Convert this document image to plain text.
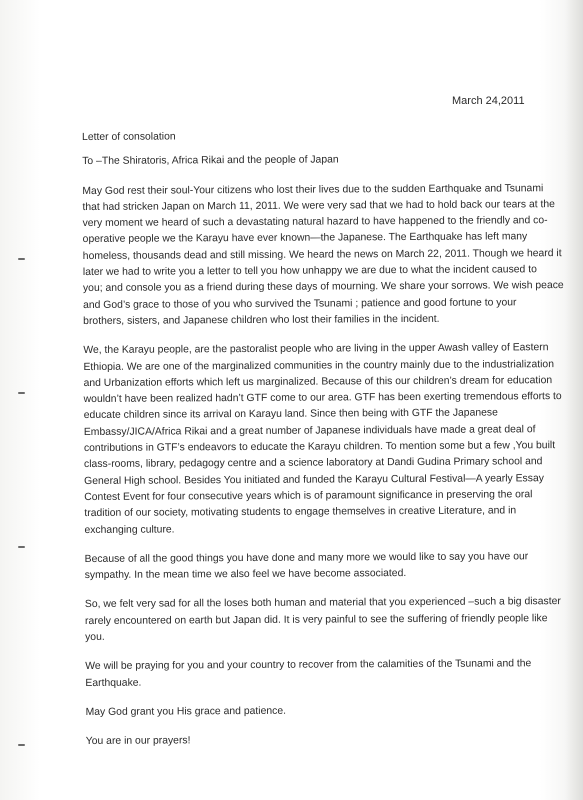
March 24,2011
Letter of consolation
To –The Shiratoris, Africa Rikai and the people of Japan
May God rest their soul-Your citizens who lost their lives due to the sudden Earthquake and Tsunami
that had stricken Japan on March 11, 2011. We were very sad that we had to hold back our tears at the
very moment we heard of such a devastating natural hazard to have happened to the friendly and co-
operative people we the Karayu have ever known—the Japanese. The Earthquake has left many
homeless, thousands dead and still missing. We heard the news on March 22, 2011. Though we heard it
later we had to write you a letter to tell you how unhappy we are due to what the incident caused to
you; and console you as a friend during these days of mourning. We share your sorrows. We wish peace
and God’s grace to those of you who survived the Tsunami ; patience and good fortune to your
brothers, sisters, and Japanese children who lost their families in the incident.
We, the Karayu people, are the pastoralist people who are living in the upper Awash valley of Eastern
Ethiopia. We are one of the marginalized communities in the country mainly due to the industrialization
and Urbanization efforts which left us marginalized. Because of this our children’s dream for education
wouldn’t have been realized hadn’t GTF come to our area. GTF has been exerting tremendous efforts to
educate children since its arrival on Karayu land. Since then being with GTF the Japanese
Embassy/JICA/Africa Rikai and a great number of Japanese individuals have made a great deal of
contributions in GTF’s endeavors to educate the Karayu children. To mention some but a few ,You built
class-rooms, library, pedagogy centre and a science laboratory at Dandi Gudina Primary school and
General High school. Besides You initiated and funded the Karayu Cultural Festival—A yearly Essay
Contest Event for four consecutive years which is of paramount significance in preserving the oral
tradition of our society, motivating students to engage themselves in creative Literature, and in
exchanging culture.
Because of all the good things you have done and many more we would like to say you have our
sympathy. In the mean time we also feel we have become associated.
So, we felt very sad for all the loses both human and material that you experienced –such a big disaster
rarely encountered on earth but Japan did. It is very painful to see the suffering of friendly people like
you.
We will be praying for you and your country to recover from the calamities of the Tsunami and the
Earthquake.
May God grant you His grace and patience.
You are in our prayers!
